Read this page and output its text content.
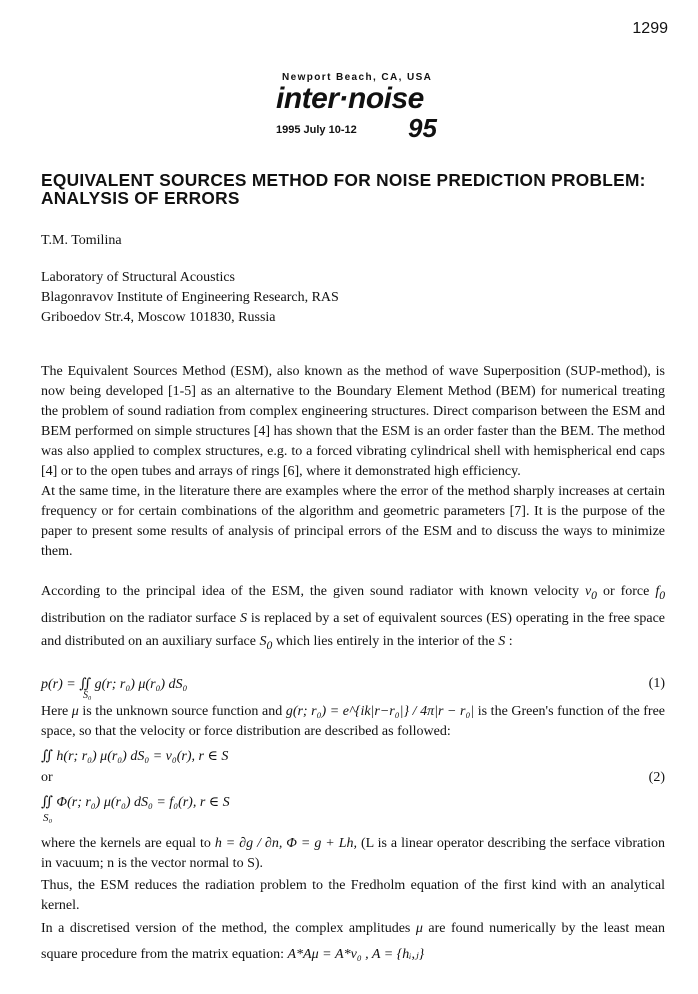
1299
Newport Beach, CA, USA
inter·noise
1995 July 10-12 95
EQUIVALENT SOURCES METHOD FOR NOISE PREDICTION PROBLEM: ANALYSIS OF ERRORS
T.M. Tomilina
Laboratory of Structural Acoustics
Blagonravov Institute of Engineering Research, RAS
Griboedov Str.4, Moscow 101830, Russia

The Equivalent Sources Method (ESM), also known as the method of wave Superposition (SUP-method), is now being developed [1-5] as an alternative to the Boundary Element Method (BEM) for numerical treating the problem of sound radiation from complex engineering structures. Direct comparison between the ESM and BEM performed on simple structures [4] has shown that the ESM is an order faster than the BEM. The method was also applied to complex structures, e.g. to a forced vibrating cylindrical shell with hemispherical end caps [4] or to the open tubes and arrays of rings [6], where it demonstrated high efficiency.

At the same time, in the literature there are examples where the error of the method sharply increases at certain frequency or for certain combinations of the algorithm and geometric parameters [7]. It is the purpose of the paper to present some results of analysis of principal errors of the ESM and to discuss the ways to minimize them.

According to the principal idea of the ESM, the given sound radiator with known velocity $v_0$ or force $f_0$ distribution on the radiator surface S is replaced by a set of equivalent sources (ES) operating in the free space and distributed on an auxiliary surface $S_0$ which lies entirely in the interior of the S :
p(r) = ∬ g(r; r₀) μ(r₀) dS₀	(1)
S₀
Here μ is the unknown source function and g(r; r₀) = e^{ik|r−r₀|} / 4π|r − r₀| is the Green's function of the free space, so that the velocity or force distribution are described as followed:
∬ h(r; r₀) μ(r₀) dS₀ = v₀(r), r ∈ S
or	(2)
∬ Φ(r; r₀) μ(r₀) dS₀ = f₀(r), r ∈ S
S₀
where the kernels are equal to h = ∂g / ∂n, Φ = g + Lh, (L is a linear operator describing the serface vibration in vacuum; n is the vector normal to S).
Thus, the ESM reduces the radiation problem to the Fredholm equation of the first kind with an analytical kernel.
In a discretised version of the method, the complex amplitudes μ are found numerically by the least mean square procedure from the matrix equation: A*Aμ = A*v₀ , A = {hᵢ,ⱼ}
